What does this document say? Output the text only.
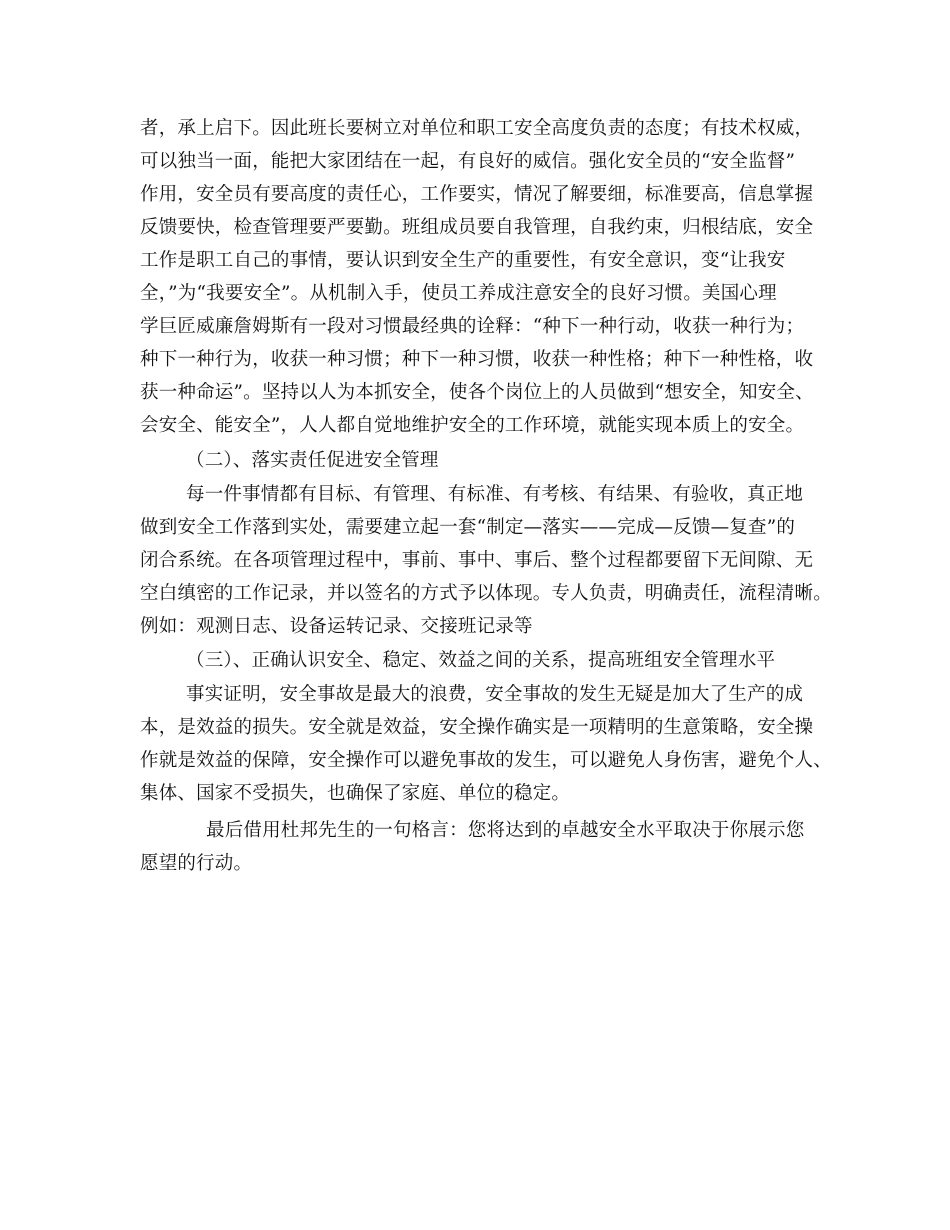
者，承上启下。因此班长要树立对单位和职工安全高度负责的态度；有技术权威，
可以独当一面，能把大家团结在一起，有良好的威信。强化安全员的“安全监督”
作用，安全员有要高度的责任心，工作要实，情况了解要细，标准要高，信息掌握
反馈要快，检查管理要严要勤。班组成员要自我管理，自我约束，归根结底，安全
工作是职工自己的事情，要认识到安全生产的重要性，有安全意识，变“让我安
全，”为“我要安全”。从机制入手，使员工养成注意安全的良好习惯。美国心理
学巨匠威廉詹姆斯有一段对习惯最经典的诠释：“种下一种行动，收获一种行为；
种下一种行为，收获一种习惯；种下一种习惯，收获一种性格；种下一种性格，收
获一种命运”。坚持以人为本抓安全，使各个岗位上的人员做到“想安全，知安全、
会安全、能安全”，人人都自觉地维护安全的工作环境，就能实现本质上的安全。
（二）、落实责任促进安全管理
每一件事情都有目标、有管理、有标准、有考核、有结果、有验收，真正地
做到安全工作落到实处，需要建立起一套“制定—落实——完成—反馈—复查”的
闭合系统。在各项管理过程中，事前、事中、事后、整个过程都要留下无间隙、无
空白缜密的工作记录，并以签名的方式予以体现。专人负责，明确责任，流程清晰。
例如：观测日志、设备运转记录、交接班记录等
（三）、正确认识安全、稳定、效益之间的关系，提高班组安全管理水平
事实证明，安全事故是最大的浪费，安全事故的发生无疑是加大了生产的成
本，是效益的损失。安全就是效益，安全操作确实是一项精明的生意策略，安全操
作就是效益的保障，安全操作可以避免事故的发生，可以避免人身伤害，避免个人、
集体、国家不受损失，也确保了家庭、单位的稳定。
最后借用杜邦先生的一句格言：您将达到的卓越安全水平取决于你展示您
愿望的行动。
